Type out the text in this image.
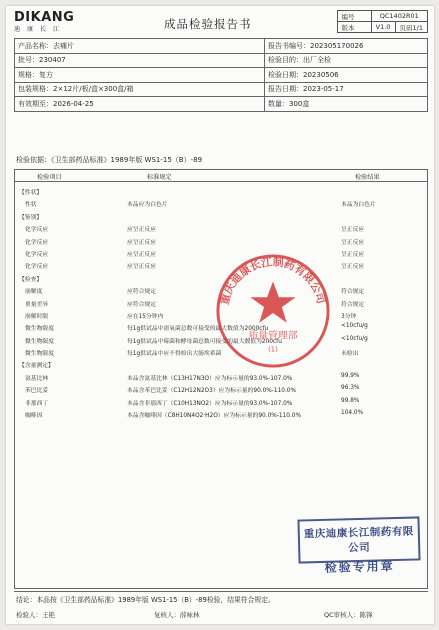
DIKANG
迪康长江	成品检验报告书
编号	QC1402R01	
版本	V1.0	页码1/1
产品名称：去痛片	报告书编号：202305170026
批号：230407	检验目的：出厂全检
规格：复方	检验日期：20230506
包装规格：2×12片/板/盒×300盒/箱	报告日期：2023-05-17
有效期至：2026-04-25	数量：300盒
检验依据：《卫生部药品标准》1989年版 WS1-15（B）-89
检验项目	标准规定	检验结果
【性状】
性状	本品应为白色片	本品为白色片
【鉴别】
化学反应	应呈正反应	呈正反应
化学反应	应呈正反应	呈正反应
化学反应	应呈正反应	呈正反应
化学反应	应呈正反应	呈正反应
【检查】
崩解度	应符合规定	符合规定
重量差异	应符合规定	符合规定
崩解时限	应在15分钟内	3分钟
微生物限度	每1g供试品中需氧菌总数可接受的最大数值为2000cfu	<10cfu/g
微生物限度	每1g供试品中霉菌和酵母菌总数可接受的最大数值为200cfu	<10cfu/g
微生物限度	每1g供试品中应不得检出大肠埃希菌	未检出
【含量测定】
氨基比林	本品含氨基比林（C13H17N3O）应为标示量的93.0%-107.0%	99.9%
苯巴比妥	本品含苯巴比妥（C12H12N2O3）应为标示量的90.0%-110.0%	96.3%
非那西丁	本品含非那西丁（C10H13NO2）应为标示量的93.0%-107.0%	99.8%
咖啡因	本品含咖啡因（C8H10N4O2·H2O）应为标示量的90.0%-110.0%	104.0%
重庆迪康长江制药有限公司
质量管理部
(1)
重庆迪康长江制药有限公司
检验专用章
结论：本品按《卫生部药品标准》1989年版 WS1-15（B）-89检验，结果符合规定。
检验人：王艳	复核人：薛咏林	QC审核人：陈锋
